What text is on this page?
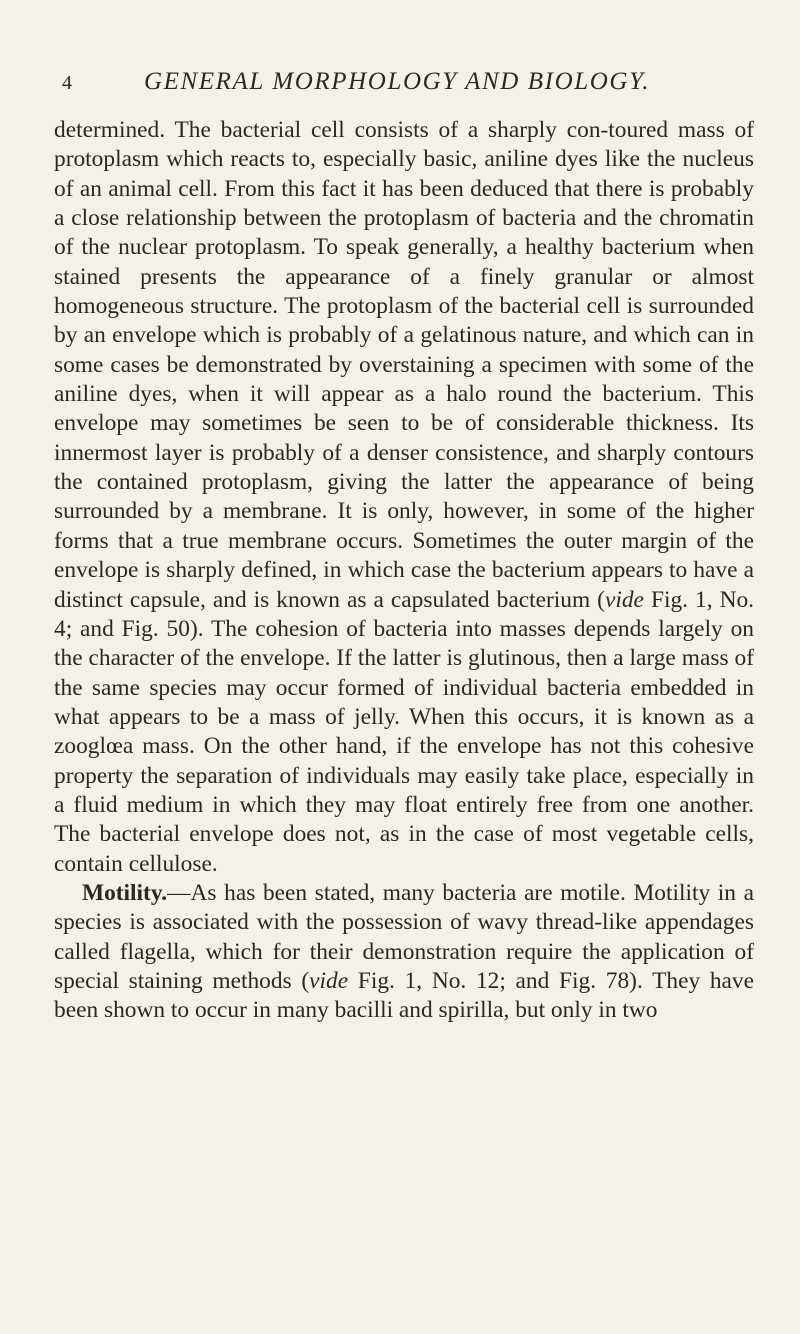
4	GENERAL MORPHOLOGY AND BIOLOGY.

determined. The bacterial cell consists of a sharply con-toured mass of protoplasm which reacts to, especially basic, aniline dyes like the nucleus of an animal cell. From this fact it has been deduced that there is probably a close relationship between the protoplasm of bacteria and the chromatin of the nuclear protoplasm. To speak generally, a healthy bacterium when stained presents the appearance of a finely granular or almost homogeneous structure. The protoplasm of the bacterial cell is surrounded by an envelope which is probably of a gelatinous nature, and which can in some cases be demonstrated by overstaining a specimen with some of the aniline dyes, when it will appear as a halo round the bacterium. This envelope may sometimes be seen to be of considerable thickness. Its innermost layer is probably of a denser consistence, and sharply contours the contained protoplasm, giving the latter the appearance of being surrounded by a membrane. It is only, however, in some of the higher forms that a true membrane occurs. Sometimes the outer margin of the envelope is sharply defined, in which case the bacterium appears to have a distinct capsule, and is known as a capsulated bacterium (vide Fig. 1, No. 4; and Fig. 50). The cohesion of bacteria into masses depends largely on the character of the envelope. If the latter is glutinous, then a large mass of the same species may occur formed of individual bacteria embedded in what appears to be a mass of jelly. When this occurs, it is known as a zooglœa mass. On the other hand, if the envelope has not this cohesive property the separation of individuals may easily take place, especially in a fluid medium in which they may float entirely free from one another. The bacterial envelope does not, as in the case of most vegetable cells, contain cellulose.

Motility.—As has been stated, many bacteria are motile. Motility in a species is associated with the possession of wavy thread-like appendages called flagella, which for their demonstration require the application of special staining methods (vide Fig. 1, No. 12; and Fig. 78). They have been shown to occur in many bacilli and spirilla, but only in two
